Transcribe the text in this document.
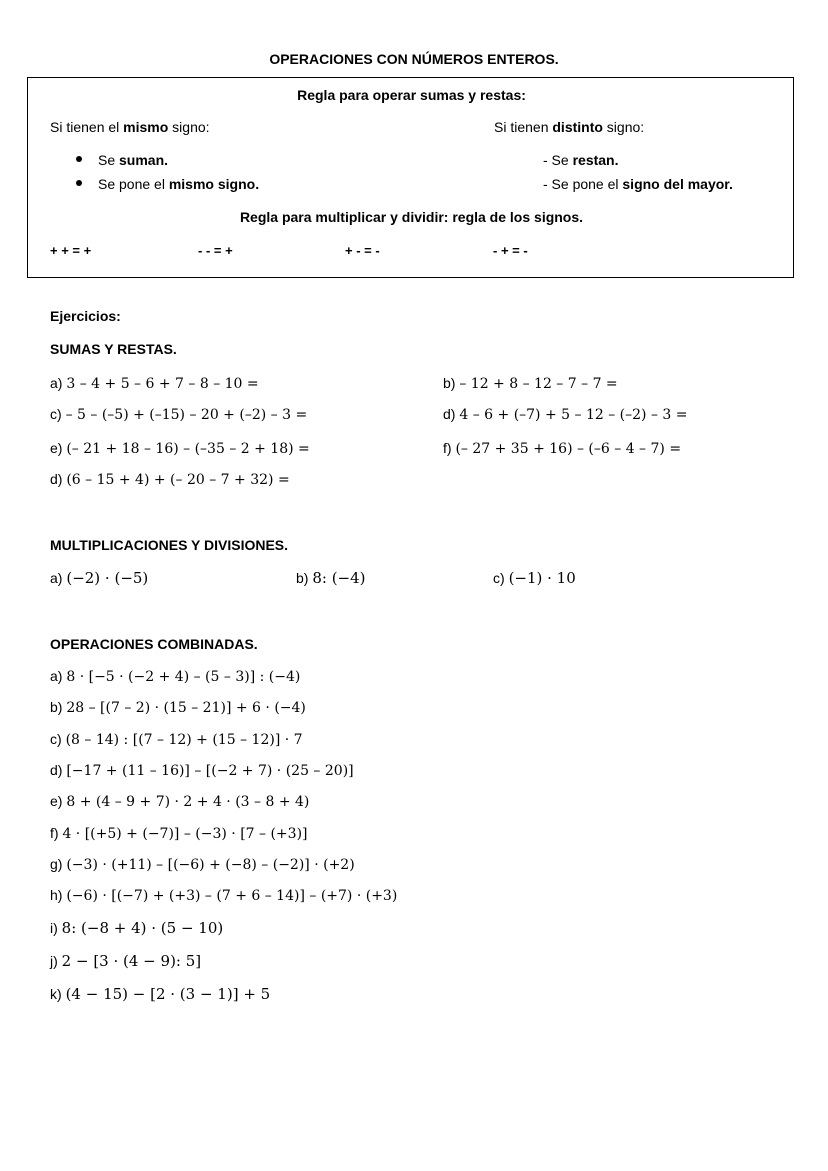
OPERACIONES CON NÚMEROS ENTEROS.
Regla para operar sumas y restas:
Si tienen el mismo signo:	Si tienen distinto signo:
Se suman.
Se pone el mismo signo.
- Se restan.
- Se pone el signo del mayor.
Regla para multiplicar y dividir: regla de los signos.
+ + = +	- - = +	+ - = -	- + = -
Ejercicios:
SUMAS Y RESTAS.
a) 3 – 4 + 5 – 6 + 7 – 8 – 10 =	b) – 12 + 8 – 12 – 7 – 7 =
c) – 5 – (–5) + (–15) – 20 + (–2) – 3 =	d) 4 – 6 + (–7) + 5 – 12 – (–2) – 3 =
e) (– 21 + 18 – 16) – (–35 – 2 + 18) =	f) (– 27 + 35 + 16) – (–6 – 4 – 7) =
d) (6 – 15 + 4) + (– 20 – 7 + 32) =
MULTIPLICACIONES Y DIVISIONES.
a) (−2) · (−5)	b) 8: (−4)	c) (−1) · 10
OPERACIONES COMBINADAS.
a) 8 · [−5 · (−2 + 4) – (5 – 3)] : (−4)
b) 28 – [(7 – 2) · (15 – 21)] + 6 · (−4)
c) (8 – 14) : [(7 – 12) + (15 – 12)] · 7
d) [−17 + (11 – 16)] – [(−2 + 7) · (25 – 20)]
e) 8 + (4 – 9 + 7) · 2 + 4 · (3 – 8 + 4)
f) 4 · [(+5) + (−7)] – (−3) · [7 – (+3)]
g) (−3) · (+11) – [(−6) + (−8) – (−2)] · (+2)
h) (−6) · [(−7) + (+3) – (7 + 6 – 14)] – (+7) · (+3)
i) 8: (−8 + 4) · (5 − 10)
j) 2 − [3 · (4 − 9): 5]
k) (4 − 15) − [2 · (3 − 1)] + 5
